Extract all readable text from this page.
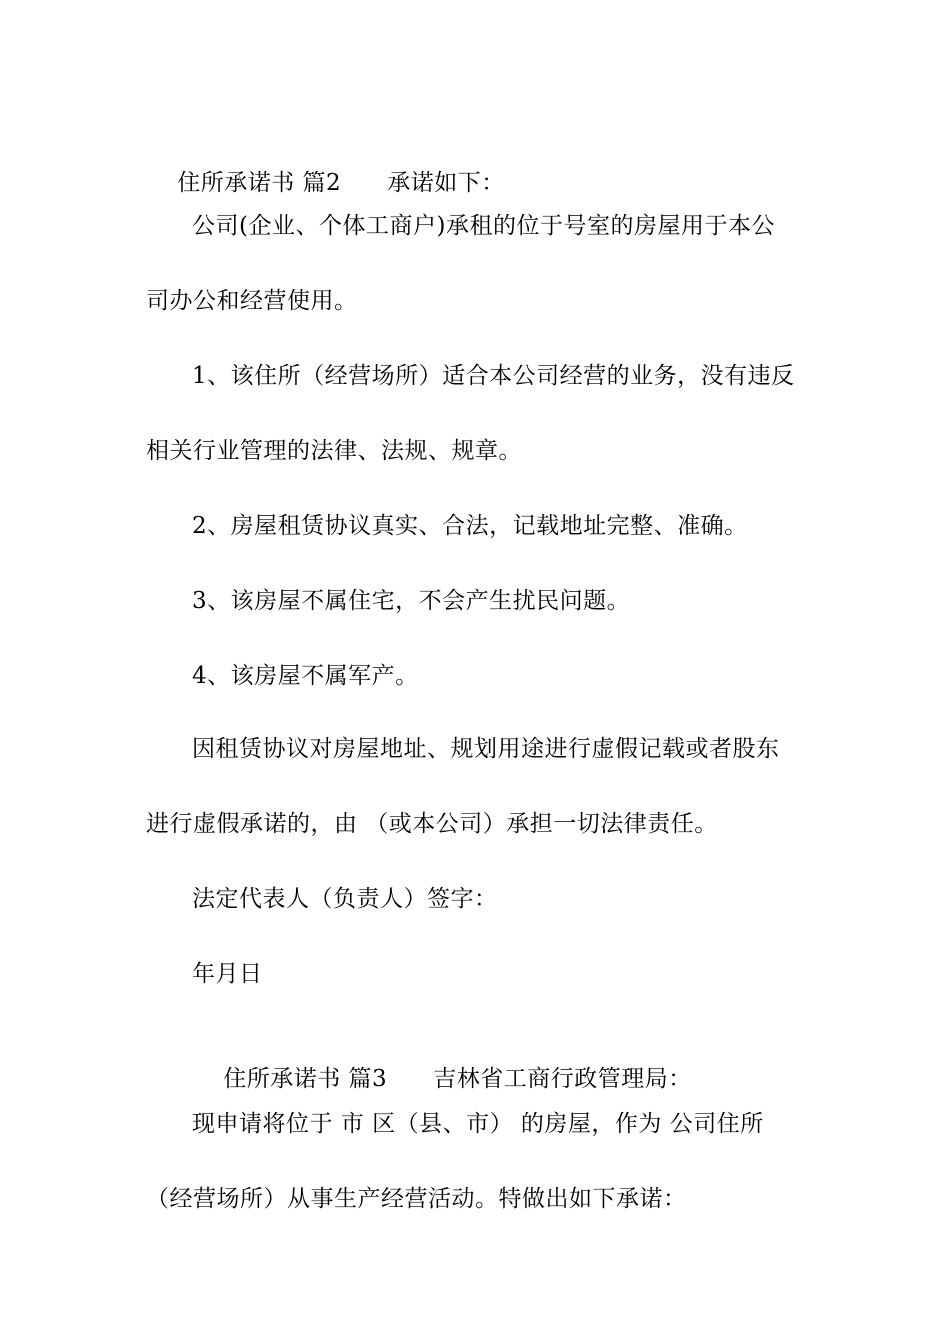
住所承诺书 篇2 承诺如下：

公司(企业、个体工商户)承租的位于号室的房屋用于本公
司办公和经营使用。
1、该住所（经营场所）适合本公司经营的业务，没有违反
相关行业管理的法律、法规、规章。
2、房屋租赁协议真实、合法，记载地址完整、准确。
3、该房屋不属住宅，不会产生扰民问题。
4、该房屋不属军产。
因租赁协议对房屋地址、规划用途进行虚假记载或者股东
进行虚假承诺的，由 （或本公司）承担一切法律责任。
法定代表人（负责人）签字：
年月日

住所承诺书 篇3 吉林省工商行政管理局：

现申请将位于 市 区（县、市） 的房屋，作为 公司住所
（经营场所）从事生产经营活动。特做出如下承诺：
